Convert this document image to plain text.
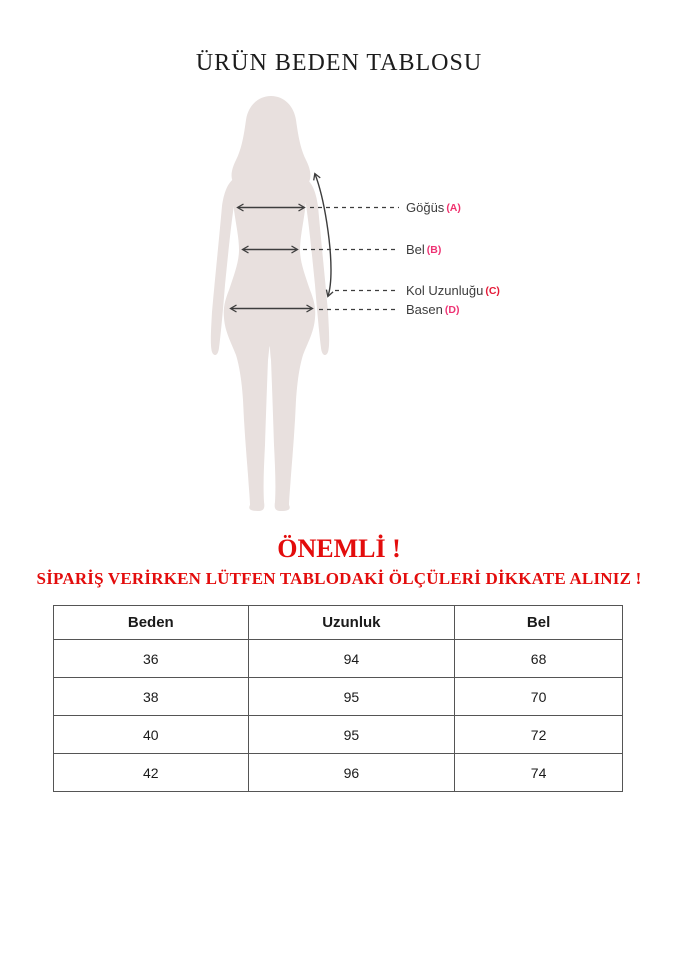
ÜRÜN BEDEN TABLOSU
Göğüs (A)
Bel (B)
Kol Uzunluğu (C)
Basen (D)
ÖNEMLİ !
SİPARİŞ VERİRKEN LÜTFEN TABLODAKİ ÖLÇÜLERİ DİKKATE ALINIZ !
Beden	Uzunluk	Bel
36	94	68
38	95	70
40	95	72
42	96	74
